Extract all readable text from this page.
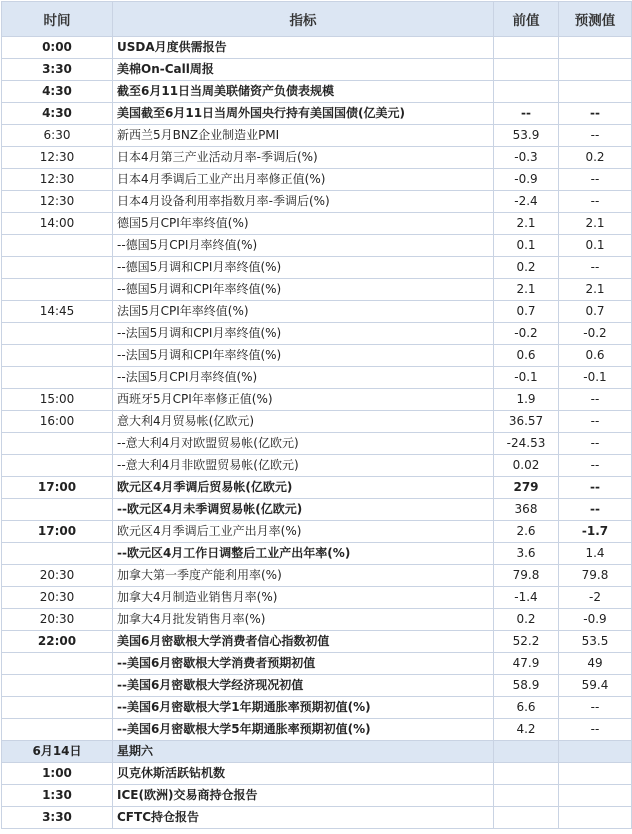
时间	指标	前值	预测值
0:00	USDA月度供需报告		
3:30	美棉On-Call周报		
4:30	截至6月11日当周美联储资产负债表规模		
4:30	美国截至6月11日当周外国央行持有美国国债(亿美元)	--	--
6:30	新西兰5月BNZ企业制造业PMI	53.9	--
12:30	日本4月第三产业活动月率-季调后(%)	-0.3	0.2
12:30	日本4月季调后工业产出月率修正值(%)	-0.9	--
12:30	日本4月设备利用率指数月率-季调后(%)	-2.4	--
14:00	德国5月CPI年率终值(%)	2.1	2.1
	--德国5月CPI月率终值(%)	0.1	0.1
	--德国5月调和CPI月率终值(%)	0.2	--
	--德国5月调和CPI年率终值(%)	2.1	2.1
14:45	法国5月CPI年率终值(%)	0.7	0.7
	--法国5月调和CPI月率终值(%)	-0.2	-0.2
	--法国5月调和CPI年率终值(%)	0.6	0.6
	--法国5月CPI月率终值(%)	-0.1	-0.1
15:00	西班牙5月CPI年率修正值(%)	1.9	--
16:00	意大利4月贸易帐(亿欧元)	36.57	--
	--意大利4月对欧盟贸易帐(亿欧元)	-24.53	--
	--意大利4月非欧盟贸易帐(亿欧元)	0.02	--
17:00	欧元区4月季调后贸易帐(亿欧元)	279	--
	--欧元区4月未季调贸易帐(亿欧元)	368	--
17:00	欧元区4月季调后工业产出月率(%)	2.6	-1.7
	--欧元区4月工作日调整后工业产出年率(%)	3.6	1.4
20:30	加拿大第一季度产能利用率(%)	79.8	79.8
20:30	加拿大4月制造业销售月率(%)	-1.4	-2
20:30	加拿大4月批发销售月率(%)	0.2	-0.9
22:00	美国6月密歇根大学消费者信心指数初值	52.2	53.5
	--美国6月密歇根大学消费者预期初值	47.9	49
	--美国6月密歇根大学经济现况初值	58.9	59.4
	--美国6月密歇根大学1年期通胀率预期初值(%)	6.6	--
	--美国6月密歇根大学5年期通胀率预期初值(%)	4.2	--
6月14日	星期六		
1:00	贝克休斯活跃钻机数		
1:30	ICE(欧洲)交易商持仓报告		
3:30	CFTC持仓报告		
